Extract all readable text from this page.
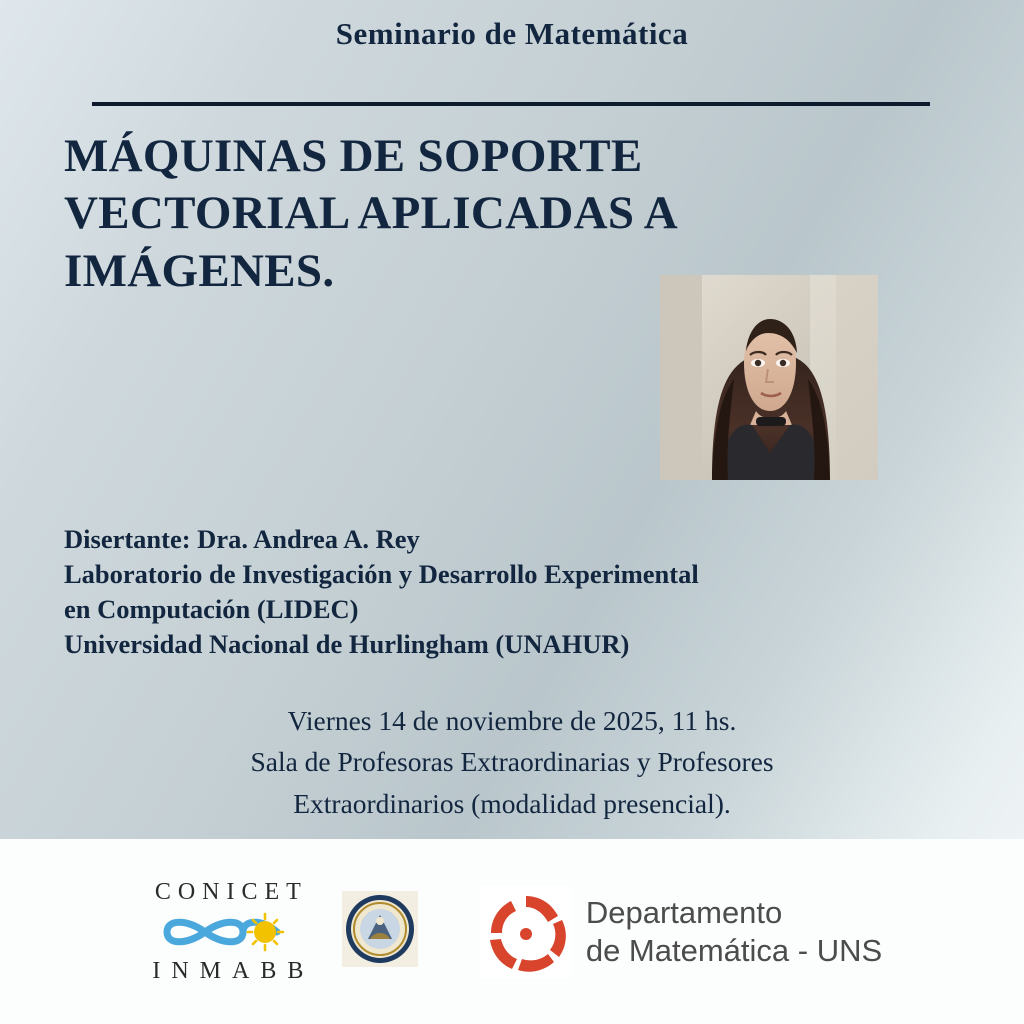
Seminario de Matemática
MÁQUINAS DE SOPORTE
VECTORIAL APLICADAS A
IMÁGENES.
Disertante: Dra. Andrea A. Rey
Laboratorio de Investigación y Desarrollo Experimental
en Computación (LIDEC)
Universidad Nacional de Hurlingham (UNAHUR)
Viernes 14 de noviembre de 2025, 11 hs.
Sala de Profesoras Extraordinarias y Profesores
Extraordinarios (modalidad presencial).
CONICET
INMABB
Departamento
de Matemática - UNS
